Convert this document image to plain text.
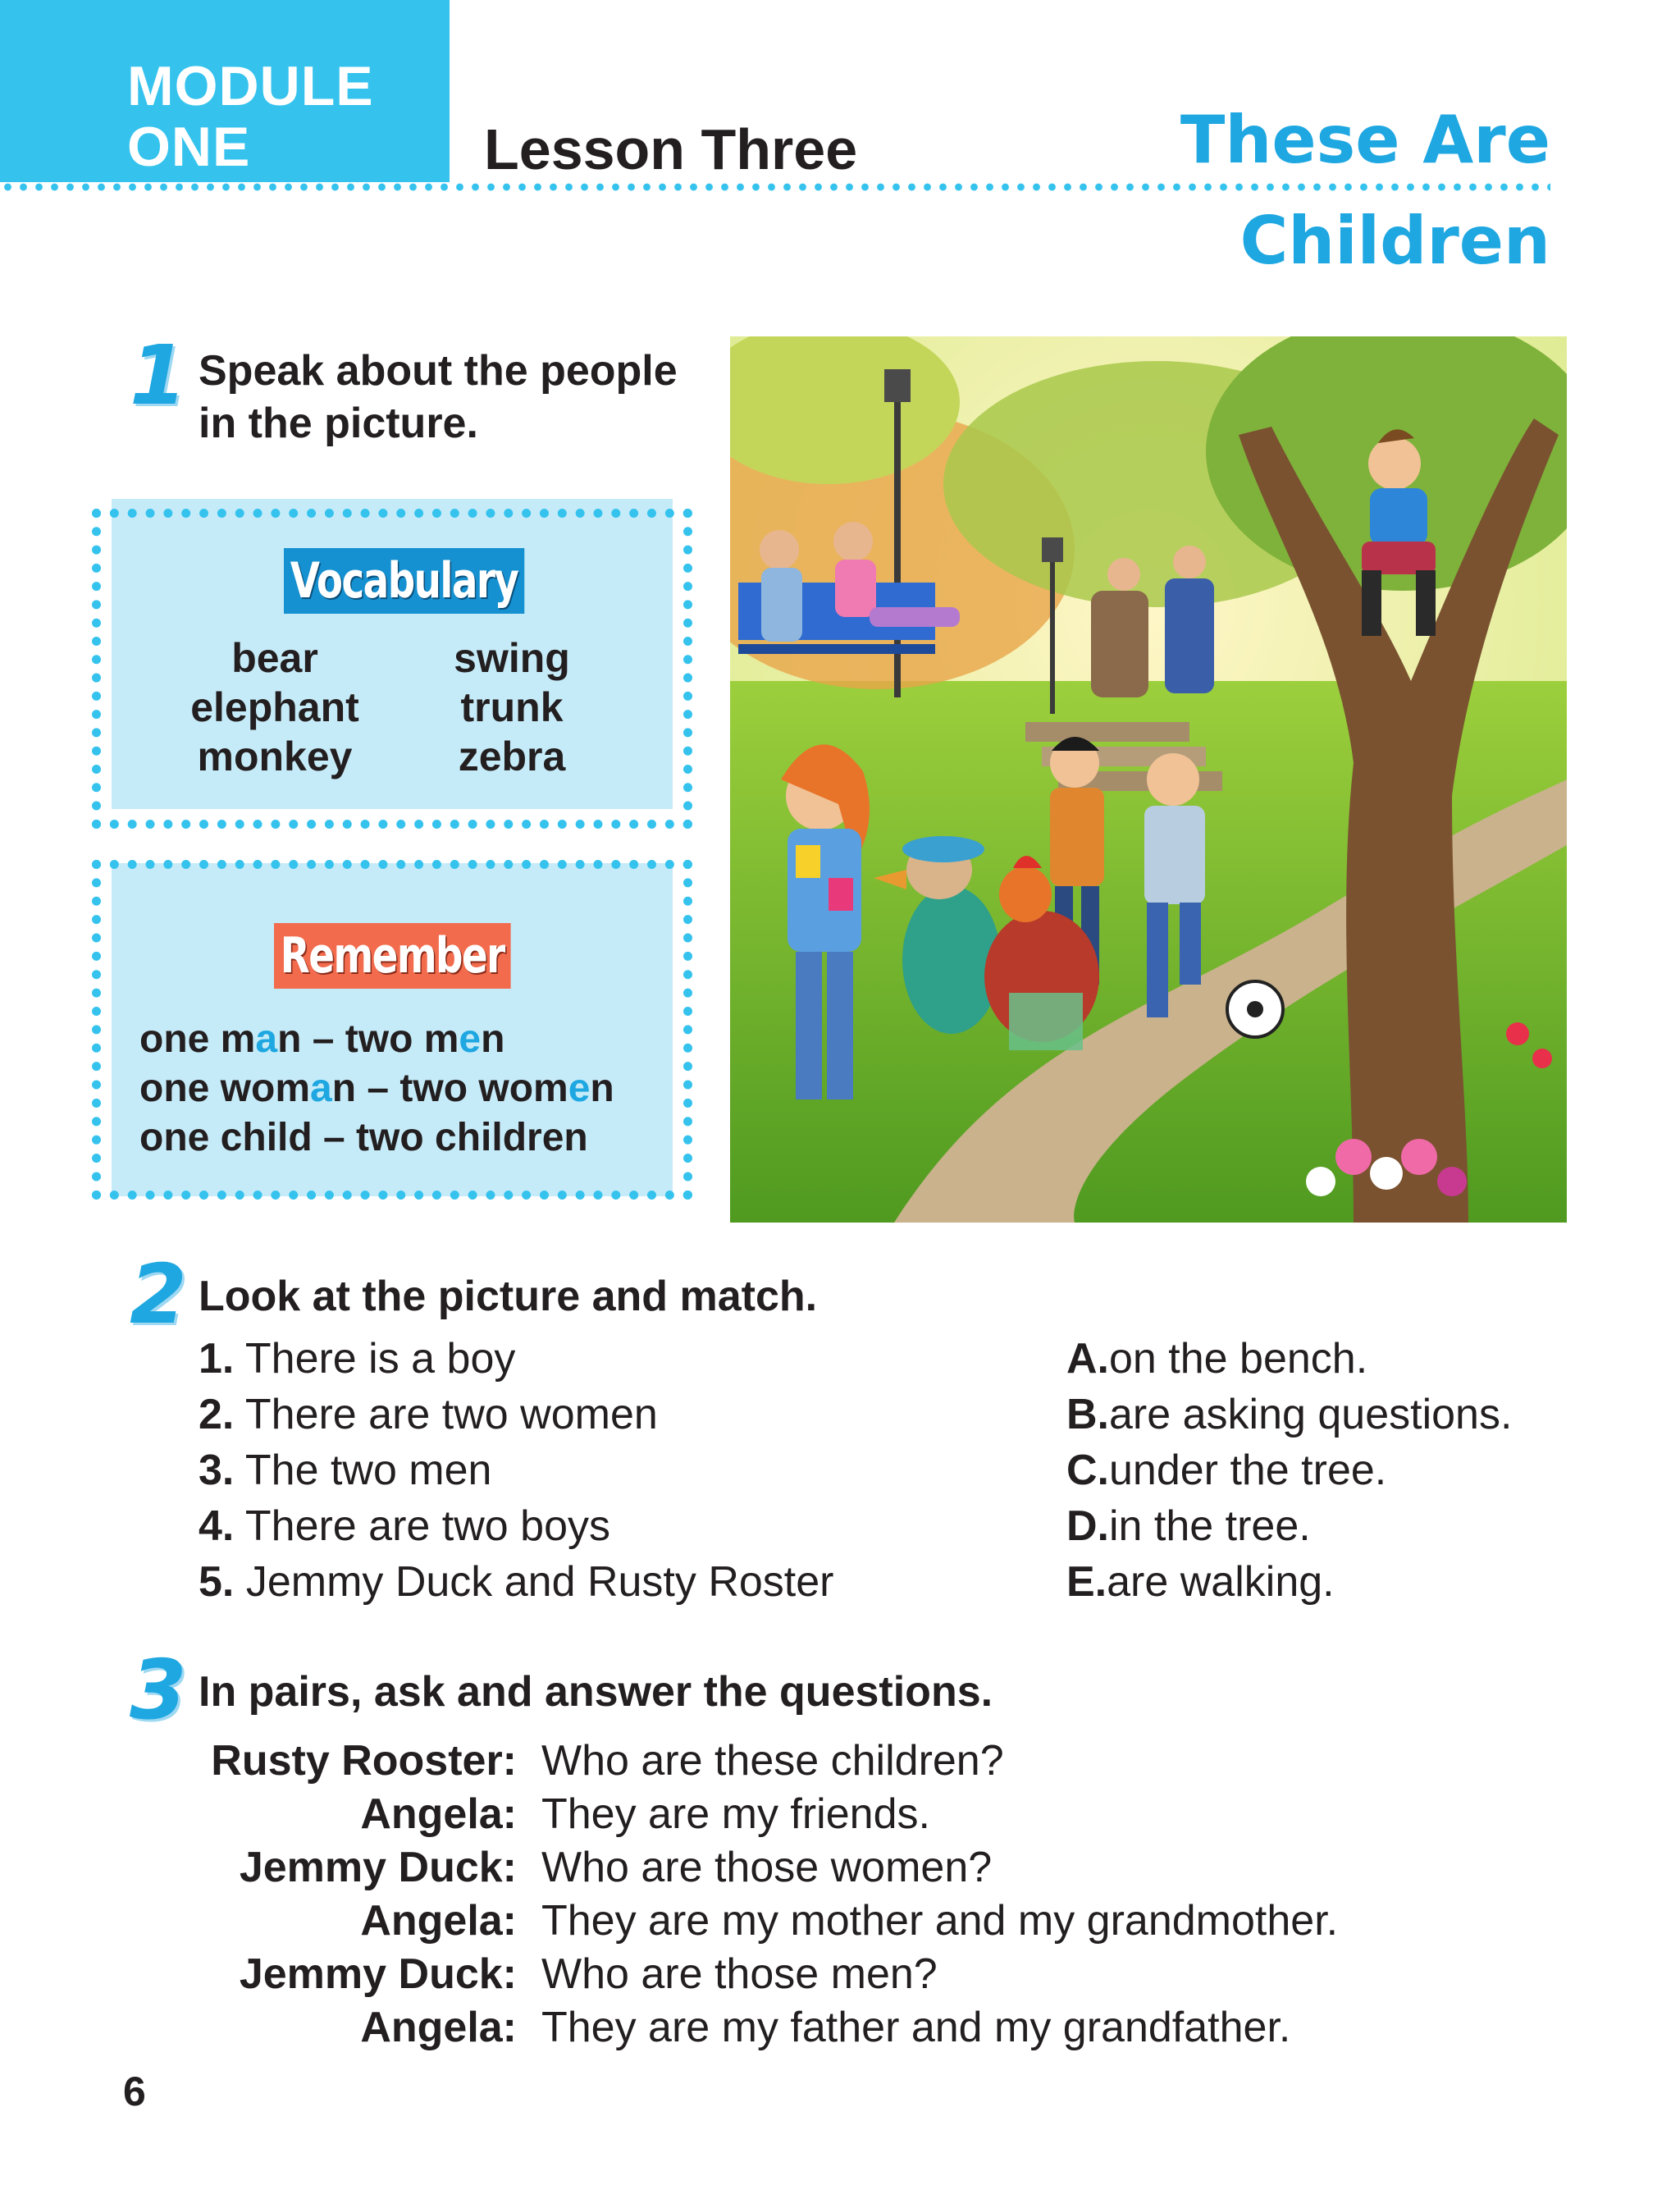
MODULE
ONE	Lesson Three	These Are
Children
1 Speak about the people
in the picture.
Vocabulary
bear
elephant
monkey
swing
trunk
zebra
Remember
one man – two men
one woman – two women
one child – two children
2 Look at the picture and match.
1. There is a boy
2. There are two women
3. The two men
4. There are two boys
5. Jemmy Duck and Rusty Roster
A.on the bench.
B.are asking questions.
C.under the tree.
D.in the tree.
E.are walking.
3 In pairs, ask and answer the questions.
Rusty Rooster:
Angela:
Jemmy Duck:
Angela:
Jemmy Duck:
Angela:
Who are these children?
They are my friends.
Who are those women?
They are my mother and my grandmother.
Who are those men?
They are my father and my grandfather.
6
